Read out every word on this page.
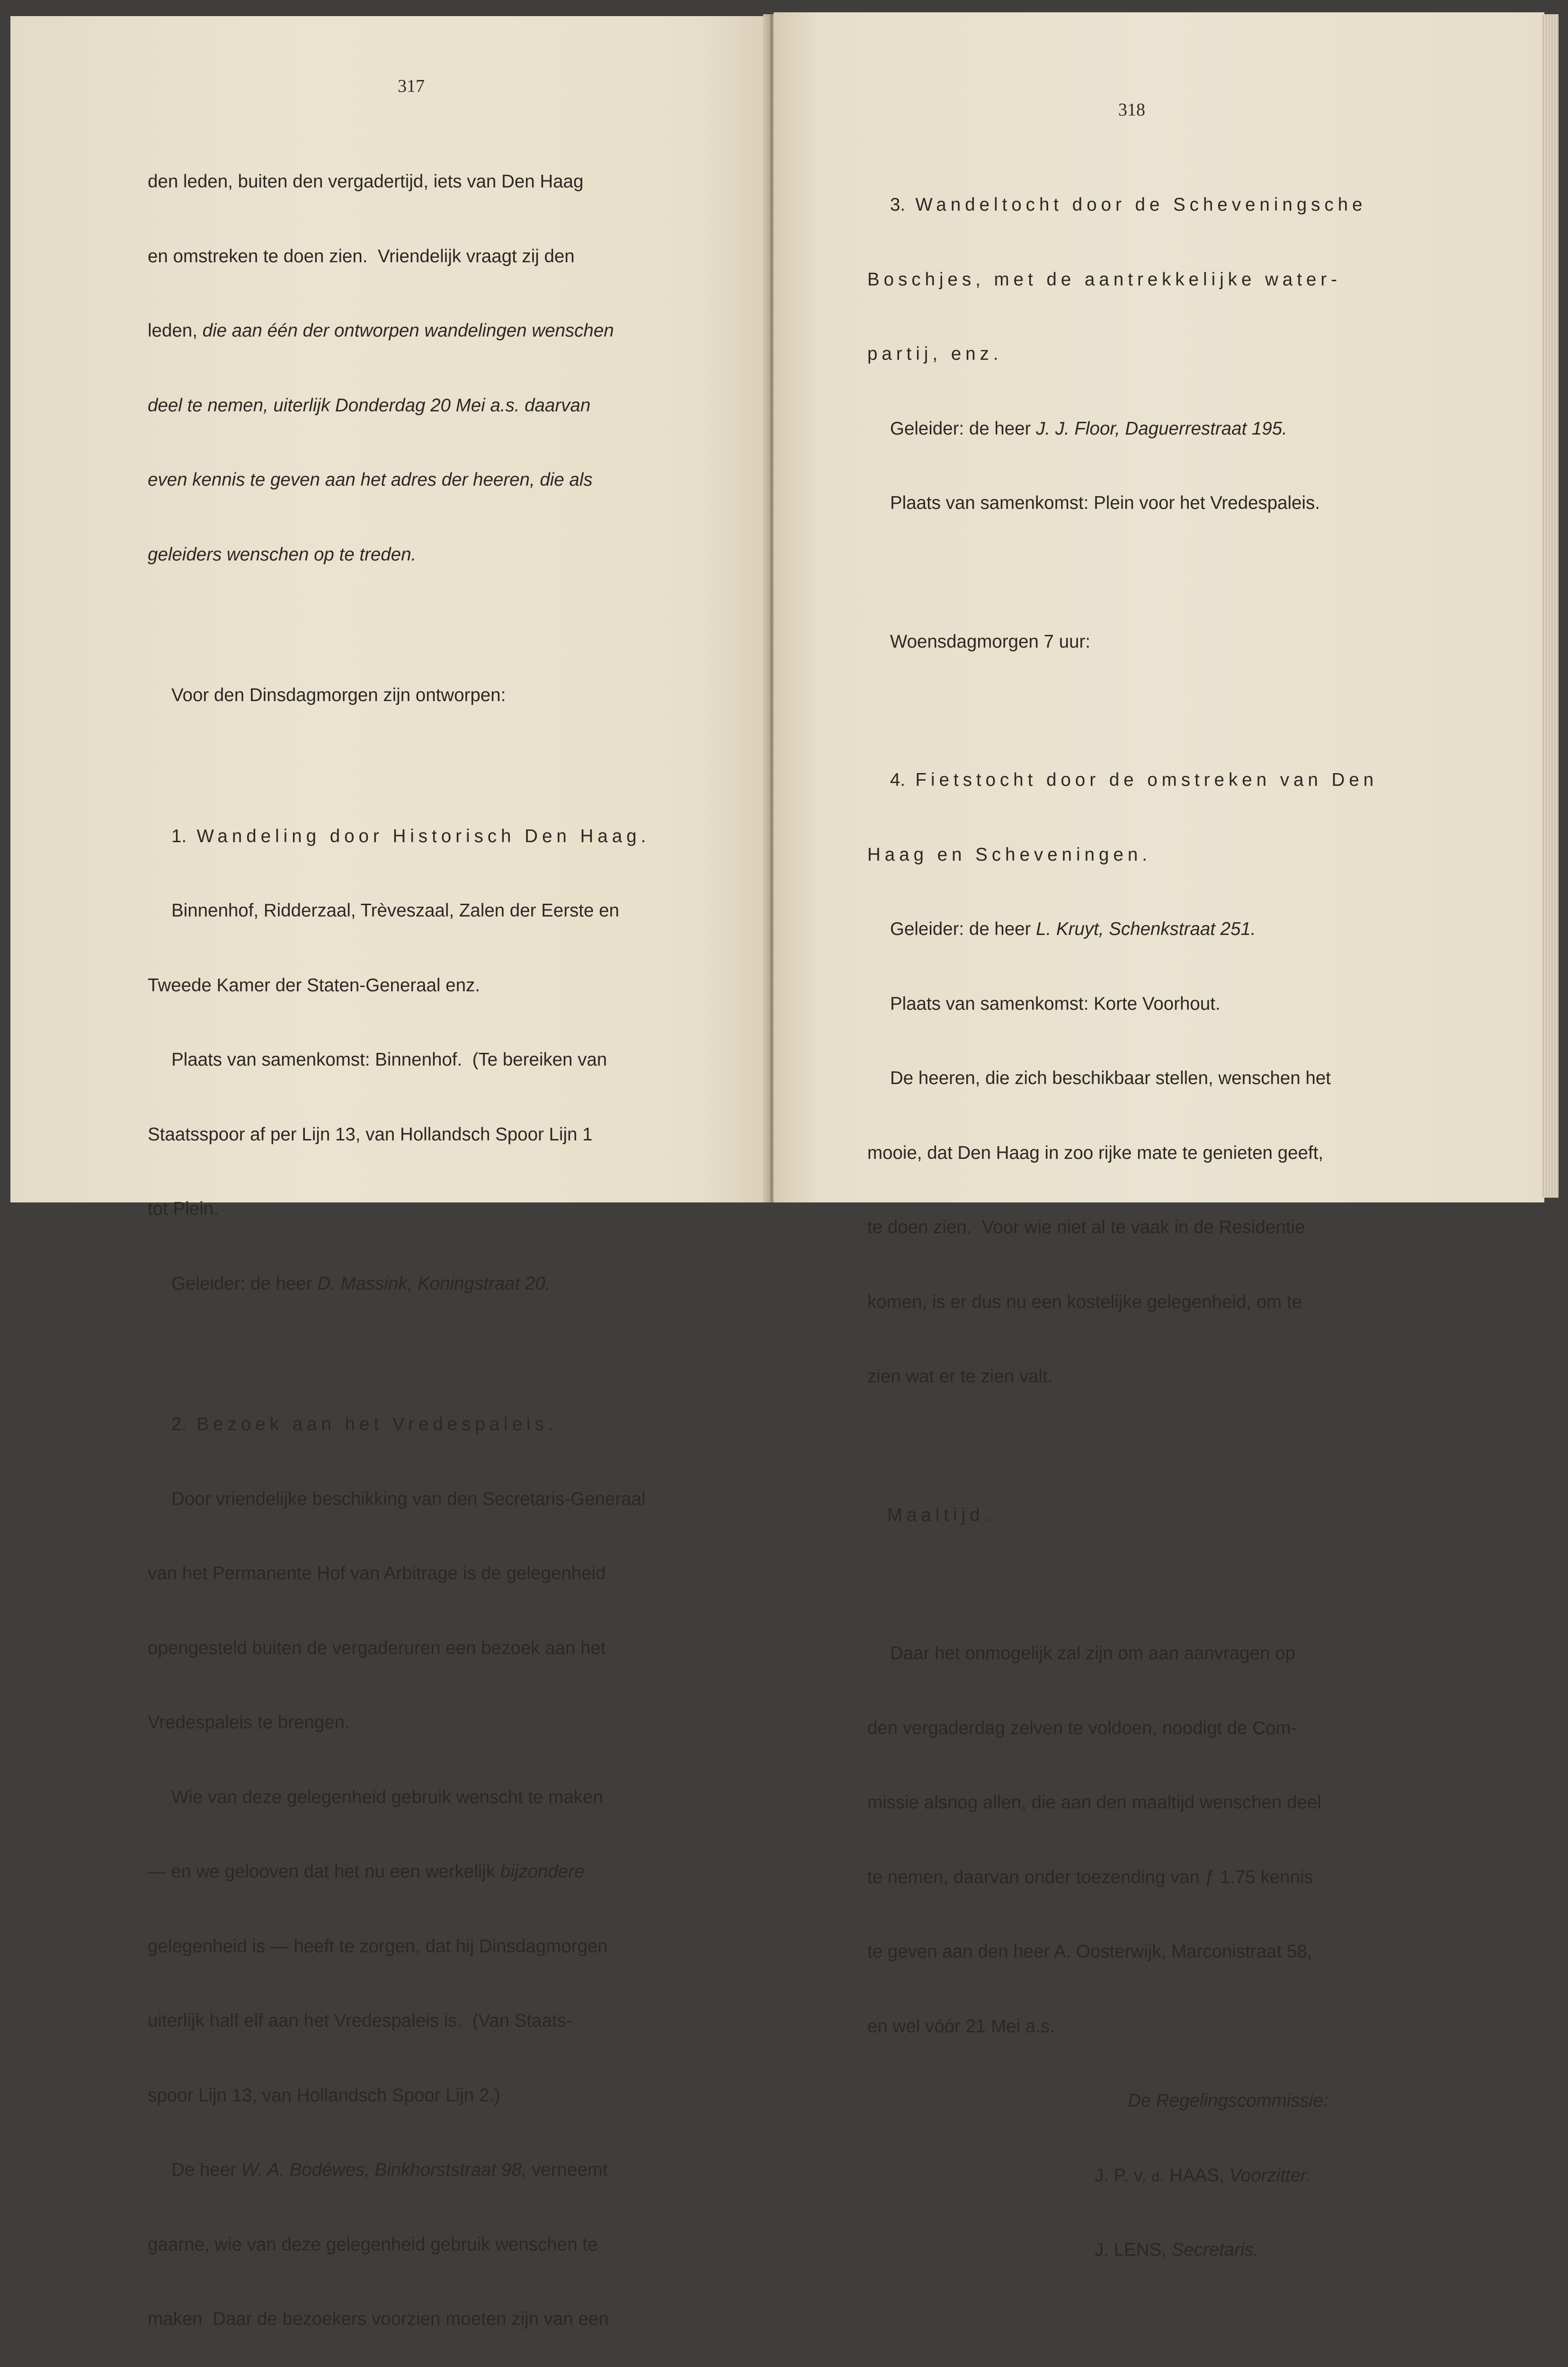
317

den leden, buiten den vergadertijd, iets van Den Haag

en omstreken te doen zien.  Vriendelijk vraagt zij den

leden, die aan één der ontworpen wandelingen wenschen

deel te nemen, uiterlijk Donderdag 20 Mei a.s. daarvan

even kennis te geven aan het adres der heeren, die als

geleiders wenschen op te treden.

Voor den Dinsdagmorgen zijn ontworpen:

1. Wandeling door Historisch Den Haag.

Binnenhof, Ridderzaal, Trèveszaal, Zalen der Eerste en

Tweede Kamer der Staten-Generaal enz.

Plaats van samenkomst: Binnenhof.  (Te bereiken van

Staatsspoor af per Lijn 13, van Hollandsch Spoor Lijn 1

tot Plein.

Geleider: de heer D. Massink, Koningstraat 20.

2. Bezoek aan het Vredespaleis.

Door vriendelijke beschikking van den Secretaris-Generaal

van het Permanente Hof van Arbitrage is de gelegenheid

opengesteld buiten de vergaderuren een bezoek aan het

Vredespaleis te brengen.

Wie van deze gelegenheid gebruik wenscht te maken

— en we gelooven dat het nu een werkelijk bijzondere

gelegenheid is — heeft te zorgen, dat hij Dinsdagmorgen

uiterlijk half elf aan het Vredespaleis is.  (Van Staats-

spoor Lijn 13, van Hollandsch Spoor Lijn 2.)

De heer W. A. Bodéwes, Binkhorststraat 98, verneemt

gaarne, wie van deze gelegenheid gebruik wenschen te

maken  Daar de bezoekers voorzien moeten zijn van een

318

3. Wandeltocht door de Scheveningsche

Boschjes, met de aantrekkelijke water-

partij, enz.

Geleider: de heer J. J. Floor, Daguerrestraat 195.

Plaats van samenkomst: Plein voor het Vredespaleis.

Woensdagmorgen 7 uur:

4. Fietstocht door de omstreken van Den

Haag en Scheveningen.

Geleider: de heer L. Kruyt, Schenkstraat 251.

Plaats van samenkomst: Korte Voorhout.

De heeren, die zich beschikbaar stellen, wenschen het

mooie, dat Den Haag in zoo rijke mate te genieten geeft,

te doen zien.  Voor wie niet al te vaak in de Residentie

komen, is er dus nu een kostelijke gelegenheid, om te

zien wat er te zien valt.

Maaltijd.

Daar het onmogelijk zal zijn om aan aanvragen op

den vergaderdag zelven te voldoen, noodigt de Com-

missie alsnog allen, die aan den maaltijd wenschen deel

te nemen, daarvan onder toezending van ƒ 1.75 kennis

te geven aan den heer A. Oosterwijk, Marconistraat 58,

en wel vóór 21 Mei a.s.

De Regelingscommissie:

J. P. v. d. HAAS, Voorzitter.

J. LENS, Secretaris.
